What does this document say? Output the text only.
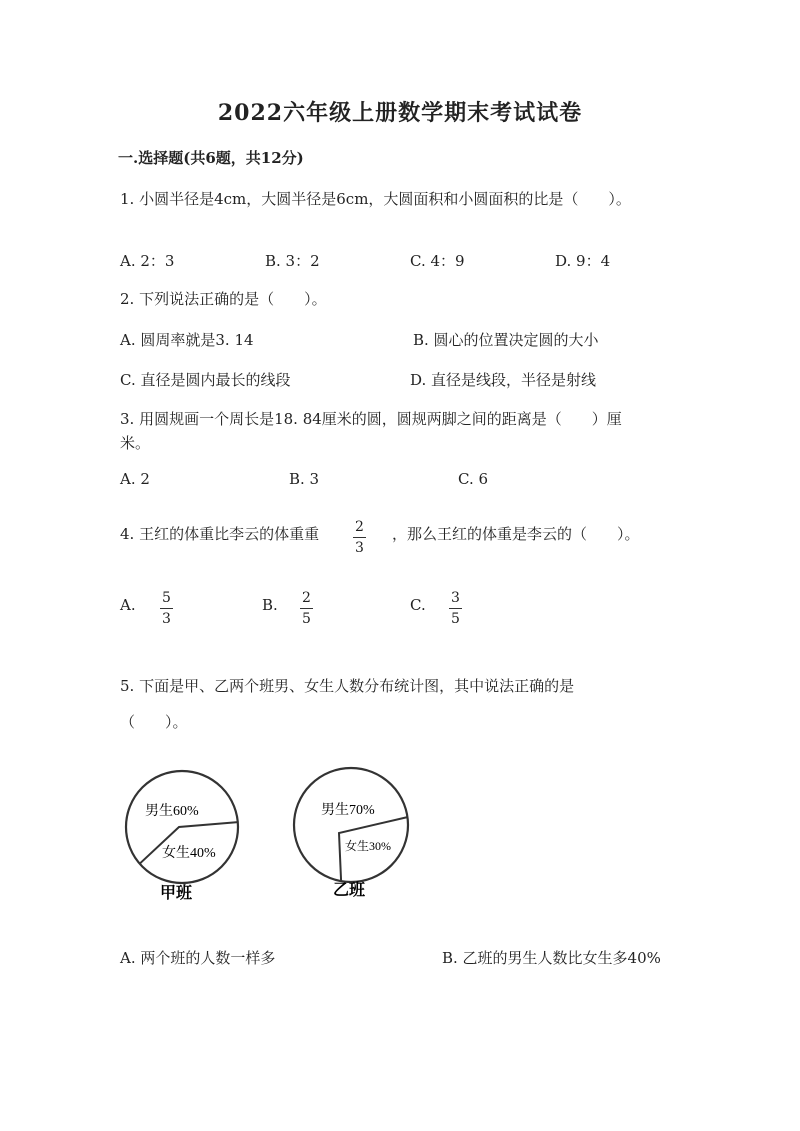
2022六年级上册数学期末考试试卷
一.选择题(共6题，共12分)
1. 小圆半径是4cm，大圆半径是6cm，大圆面积和小圆面积的比是（　　）。
A. 2：3	B. 3：2	C. 4：9	D. 9：4
2. 下列说法正确的是（　　）。
A. 圆周率就是3. 14	B. 圆心的位置决定圆的大小
C. 直径是圆内最长的线段	D. 直径是线段，半径是射线
3. 用圆规画一个周长是18. 84厘米的圆，圆规两脚之间的距离是（　　）厘
米。
A. 2	B. 3	C. 6
4. 王红的体重比李云的体重重 $\frac{2}{3}$ ，那么王红的体重是李云的（　　）。
A. $\frac{5}{3}$	B. $\frac{2}{5}$	C. $\frac{3}{5}$
5. 下面是甲、乙两个班男、女生人数分布统计图，其中说法正确的是
（　　）。
男生60%
女生40%
甲班
男生70%
女生30%
乙班
A. 两个班的人数一样多	B. 乙班的男生人数比女生多40%
